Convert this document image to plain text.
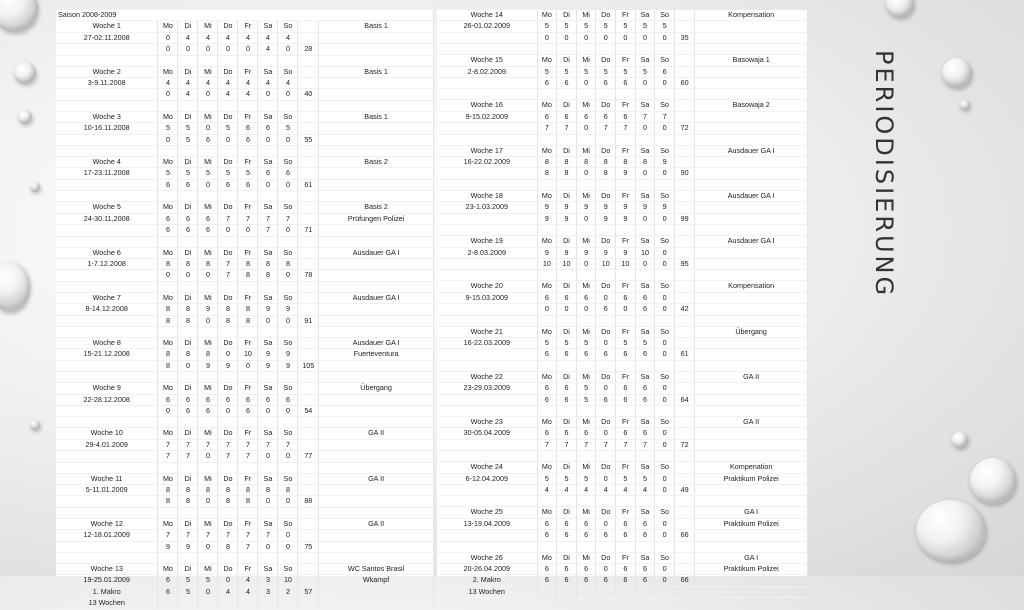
PERIODISIERUNG
Saison 2008-2009									
Woche 1	Mo	Di	Mi	Do	Fr	Sa	So		Basis 1
27-02.11.2008	0	4	4	4	4	4	4		
	0	0	0	0	0	4	0	28	

Woche 2	Mo	Di	Mi	Do	Fr	Sa	So		Basis 1
3-9.11.2008	4	4	4	4	4	4	4		
	0	4	0	4	4	0	0	40	

Woche 3	Mo	Di	Mi	Do	Fr	Sa	So		Basis 1
10-16.11.2008	5	5	0	5	6	6	5		
	0	5	6	0	6	0	0	55	

Woche 4	Mo	Di	Mi	Do	Fr	Sa	So		Basis 2
17-23.11.2008	5	5	5	5	5	6	6		
	6	6	0	6	6	0	0	61	

Woche 5	Mo	Di	Mi	Do	Fr	Sa	So		Basis 2
24-30.11.2008	6	6	6	7	7	7	7		Prüfungen Polizei
	6	6	6	0	0	7	0	71	

Woche 6	Mo	Di	Mi	Do	Fr	Sa	So		Ausdauer GA I
1-7.12.2008	8	8	8	7	8	8	8		
	0	0	0	7	8	8	0	78	

Woche 7	Mo	Di	Mi	Do	Fr	Sa	So		Ausdauer GA I
8-14.12.2008	8	8	9	8	8	9	9		
	8	8	0	8	8	0	0	91	

Woche 8	Mo	Di	Mi	Do	Fr	Sa	So		Ausdauer GA I
15-21.12.2008	8	8	8	0	10	9	9		Fuerteventura
	8	0	9	9	0	9	9	105	

Woche 9	Mo	Di	Mi	Do	Fr	Sa	So		Übergang
22-28.12.2008	6	6	6	6	6	6	6		
	0	6	6	0	6	0	0	54	

Woche 10	Mo	Di	Mi	Do	Fr	Sa	So		GA II
29-4.01.2009	7	7	7	7	7	7	7		
	7	7	0	7	7	0	0	77	

Woche 11	Mo	Di	Mi	Do	Fr	Sa	So		GA II
5-11.01.2009	8	8	8	8	8	8	8		
	8	8	0	8	8	0	0	88	

Woche 12	Mo	Di	Mi	Do	Fr	Sa	So		GA II
12-18.01.2009	7	7	7	7	7	7	0		
	9	9	0	8	7	0	0	75	

Woche 13	Mo	Di	Mi	Do	Fr	Sa	So		WC Santos Brasil
19-25.01.2009	6	5	5	0	4	3	10		Wkampf
1. Makro	6	5	0	4	4	3	2	57	
13 Wochen									
Woche 14	Mo	Di	Mi	Do	Fr	Sa	So		Kompensation
26-01.02.2009	5	5	5	5	5	5	5		
	0	0	0	0	0	0	0	35	

Woche 15	Mo	Di	Mi	Do	Fr	Sa	So		Basowaja 1
2-8.02.2009	5	5	5	5	5	5	6		
	6	6	0	6	6	0	0	60	

Woche 16	Mo	Di	Mi	Do	Fr	Sa	So		Basowaja 2
9-15.02.2009	6	6	6	6	6	7	7		
	7	7	0	7	7	0	0	72	

Woche 17	Mo	Di	Mi	Do	Fr	Sa	So		Ausdauer GA I
16-22.02.2009	8	8	8	8	8	8	9		
	8	8	0	8	9	0	0	90	

Woche 18	Mo	Di	Mi	Do	Fr	Sa	So		Ausdauer GA I
23-1.03.2009	9	9	9	9	9	9	9		
	9	9	0	9	9	0	0	99	

Woche 19	Mo	Di	Mi	Do	Fr	Sa	So		Ausdauer GA I
2-8.03.2009	9	9	9	9	9	10	0		
	10	10	0	10	10	0	0	95	

Woche 20	Mo	Di	Mi	Do	Fr	Sa	So		Kompensation
9-15.03.2009	6	6	6	0	6	6	0		
	0	0	0	6	0	6	0	42	

Woche 21	Mo	Di	Mi	Do	Fr	Sa	So		Übergang
16-22.03.2009	5	5	5	0	5	5	0		
	6	6	6	6	6	6	0	61	

Woche 22	Mo	Di	Mi	Do	Fr	Sa	So		GA II
23-29.03.2009	6	6	5	0	6	6	0		
	6	6	5	6	6	6	0	64	

Woche 23	Mo	Di	Mi	Do	Fr	Sa	So		GA II
30-05.04.2009	6	6	6	0	6	6	0		
	7	7	7	7	7	7	0	72	

Woche 24	Mo	Di	Mi	Do	Fr	Sa	So		Kompenation
6-12.04.2009	5	5	5	0	5	5	0		Praktikum Polizei
	4	4	4	4	4	4	0	49	

Woche 25	Mo	Di	Mi	Do	Fr	Sa	So		GA I
13-19.04.2009	6	6	6	0	6	6	0		Praktikum Polizei
	6	6	6	6	6	6	0	66	

Woche 26	Mo	Di	Mi	Do	Fr	Sa	So		GA I
20-26.04.2009	6	6	6	0	6	6	0		Praktikum Polizei
2. Makro	6	6	6	6	6	6	0	66	
13 Wochen									
